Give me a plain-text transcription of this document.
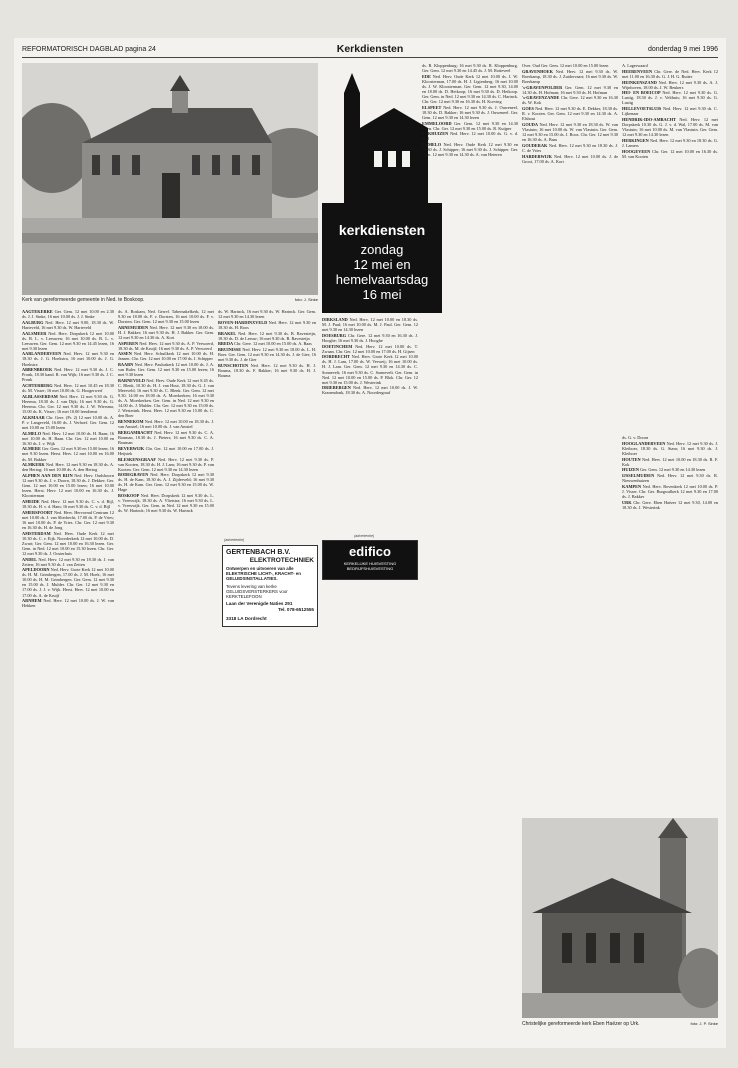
REFORMATORISCH DAGBLAD pagina 24	Kerkdiensten	donderdag 9 mei 1996
Kerk van gereformeerde gemeente in Ned. te Boskoop.	foto: J. Sinke
kerkdiensten
zondag
12 mei en
hemelvaartsdag
16 mei

AAGTEKERKE Ger. Gem. 12 mei 10.00 en 2.30 ds. J. J. Sinke, 16 mei 10.00 ds. J. J. Sinke

AALBURG Ned. Herv. 12 mei 9.00, 18.30 ds. W. Harteveld, 16 mei 9.30 ds. W. Harteveld

AALSMEER Ned. Herv. Dorpskerk 12 mei 10.00 ds. B. L. v. Leeuwen; 16 mei 10.00 ds. B. L. v. Leeuwen. Ger. Gem. 12 mei 9.30 en 14.45 lezen, 16 mei 9.30 lezen

AARLANDERVEEN Ned. Herv. 12 mei 9.30 en 18.30 ds. J. G. Hoekstra, 16 mei 10.00 ds. J. G. Hoekstra

ABBENBROEK Ned. Herv. 12 mei 9.30 ds. J. C. Pronk, 18.30 kand. R. van Wijk; 16 mei 9.30 ds. J. C. Pronk

ACHTERBERG Ned. Herv. 12 mei 10.45 en 18.30 ds. M. Visser; 16 mei 10.00 ds. G. Hoogerwerf

ALBLASSERDAM Ned. Herv. 12 mei 9.30 ds. G. Heerma, 18.30 ds. J. van Dijk; 16 mei 9.30 ds. G. Heerma. Chr. Ger. 12 mei 9.30 ds. J. W. Wiersma, 15.00 ds. K. Visser; 16 mei 10.00 leesdienst

ALKMAAR Chr. Gere. (Pr. 2) 12 mei 10.00 ds. A. P. v. Langeveld, 16.00 ds. J. Verhoef. Ger. Gem. 12 mei 10.00 en 15.00 lezen

ALMELO Ned. Herv. 12 mei 10.00 ds. H. Baan; 16 mei 10.00 ds. H. Baan. Chr. Ger. 12 mei 10.00 en 16.30 ds. J. v. Wijk

ALMERE Ger. Gem. 12 mei 9.30 en 15.00 lezen; 16 mei 9.30 lezen. Herst. Herv. 12 mei 10.00 en 16.00 ds. M. Bakker

ALMKERK Ned. Herv. 12 mei 9.30 en 18.30 ds. A. den Hertog; 16 mei 10.00 ds. A. den Hertog

ALPHEN AAN DEN RIJN Ned. Herv. Oudshoorn 12 mei 9.30 ds. J. v. Doorn, 18.30 ds. J. Dekker; Ger. Gem. 12 mei 10.00 en 15.00 lezen; 16 mei 10.00 lezen. Herst. Herv. 12 mei 10.00 en 16.30 ds. J. Kloosterman

AMEIDE Ned. Herv. 12 mei 9.30 ds. C. v. d. Bijl, 18.30 ds. H. v. d. Ham; 16 mei 9.30 ds. C. v. d. Bijl

AMERSFOORT Ned. Herv. Hervormd Centrum 12 mei 10.00 ds. J. van Sliedrecht, 17.00 ds. P. de Vries; 16 mei 10.00 ds. P. de Vries. Chr. Ger. 12 mei 9.30 en 16.30 ds. H. de Jong

AMSTERDAM Ned. Herv. Oude Kerk 12 mei 10.30 ds. C. v. Eijk. Noorderkerk 12 mei 10.00 ds. D. Zwart; Ger. Gem. 12 mei 10.00 en 16.30 lezen. Ger. Gem. in Ned. 12 mei 10.00 en 15.30 lezen. Chr. Ger. 12 mei 9.30 ds. J. Oosterhuis

ANDEL Ned. Herv. 12 mei 9.30 en 18.30 ds. J. van Zetten; 16 mei 9.30 ds. J. van Zetten

APELDOORN Ned. Herv. Grote Kerk 12 mei 10.00 ds. H. M. Grimbergen, 17.00 ds. J. M. Hoek; 16 mei 10.00 ds. H. M. Grimbergen. Ger. Gem. 12 mei 9.30 en 15.00 ds. J. Mulder. Chr. Ger. 12 mei 9.30 en 17.00 ds. J. J. v. Wijk. Herst. Herv. 12 mei 10.00 en 17.00 ds. A. de Kruijf

ARNHEM Ned. Herv. 12 mei 10.00 ds. J. W. van Hekken

ds. A. Roskam, Ned. Gerref. Tabernakelkerk, 12 mei 9.30 en 18.00 ds. F. v. Dorsten, 16 mei 10.00 ds. F. v. Dorsten. Ger. Gem. 12 mei 9.30 en 15.00 lezen

ARNEMUIDEN Ned. Herv. 12 mei 9.30 en 18.00 ds. H. J. Bakker; 16 mei 9.30 ds. H. J. Bakker. Ger. Gem. 12 mei 9.30 en 14.30 ds. A. Kort

ASPEREN Ned. Herv. 12 mei 9.30 ds. A. P. Verwoerd, 18.30 ds. M. de Kruijf; 16 mei 9.30 ds. A. P. Verwoerd

ASSEN Ned. Herv. Schuilkerk 12 mei 10.00 ds. H. Jansen. Chr. Ger. 12 mei 10.00 en 17.00 ds. J. Schipper

BAARN Ned. Herv. Pauluskerk 12 mei 10.00 ds. J. A. van Ruler. Ger. Gem. 12 mei 9.30 en 15.00 lezen; 16 mei 9.30 lezen

BARNEVELD Ned. Herv. Oude Kerk 12 mei 8.45 ds. C. Blenk, 10.30 ds. H. J. van Hout, 18.30 ds. G. J. van Meerveld; 16 mei 9.30 ds. C. Blenk. Ger. Gem. 12 mei 9.30, 14.00 en 18.00 ds. A. Moerkerken; 16 mei 9.30 ds. A. Moerkerken. Ger. Gem. in Ned. 12 mei 9.30 en 14.00 ds. J. Mulder. Chr. Ger. 12 mei 9.30 en 15.00 ds. J. Westerink. Herst. Herv. 12 mei 9.30 en 15.00 ds. C. den Boer

BENNEKOM Ned. Herv. 12 mei 10.00 en 18.30 ds. J. van Amstel; 16 mei 10.00 ds. J. van Amstel

BERGAMBACHT Ned. Herv. 12 mei 9.30 ds. C. A. Bouman, 18.30 ds. J. Pieters; 16 mei 9.30 ds. C. A. Bouman

BEVERWIJK Chr. Ger. 12 mei 10.00 en 17.00 ds. J. Heijstek

BLESKENSGRAAF Ned. Herv. 12 mei 9.30 ds. P. van Kooten, 18.30 ds. H. J. Lam; 16 mei 9.30 ds. P. van Kooten. Ger. Gem. 12 mei 9.30 en 14.30 lezen

BODEGRAVEN Ned. Herv. Dorpskerk 12 mei 9.30 ds. H. de Kam, 18.30 ds. A. J. Zijderveld; 16 mei 9.30 ds. H. de Kam. Ger. Gem. 12 mei 9.30 en 15.00 ds. W. Hage

BOSKOOP Ned. Herv. Dorpskerk 12 mei 9.30 ds. L. v. Vreeswijk, 18.30 ds. A. Vlietstra; 16 mei 9.30 ds. L. v. Vreeswijk. Ger. Gem. in Ned. 12 mei 9.30 en 15.00 ds. W. Harinck; 16 mei 9.30 ds. W. Harinck

ds. W. Harinck, 16 mei 9.30 ds. W. Harinck. Ger. Gem. 12 mei 9.30 en 14.30 lezen

BOVEN-HARDINXVELD Ned. Herv. 12 mei 9.30 en 18.30 ds. H. Roos

BRAKEL Ned. Herv. 12 mei 9.30 ds. B. Ravesteijn, 18.30 ds. D. de Leeuw; 16 mei 9.30 ds. B. Ravesteijn

BREDA Chr. Gere. 12 mei 10.00 en 15.00 ds. A. Baas

BRUINISSE Ned. Herv. 12 mei 9.30 en 18.00 ds. L. H. Boer. Ger. Gem. 12 mei 9.30 en 14.30 ds. J. de Gier; 16 mei 9.30 ds. J. de Gier

BUNSCHOTEN Ned. Herv. 12 mei 9.30 ds. H. J. Bouma, 18.30 ds. F. Bakker; 16 mei 9.30 ds. H. J. Bouma

(advertentie)
GERTENBACH B.V.
ELEKTROTECHNIEK
Ontwerpen en uitvoeren van alle ELEKTRISCHE LICHT-, KRACHT- en GELUIDSINSTALLATIES.
Tevens levering van kerke GELUIDSVERSTERKERS voor KERKTELEFOON
Laan der Verenigde Naties 291
3318 LA Dordrecht
Tel. 078-6512555

DIRKSLAND Ned. Herv. 12 mei 10.00 en 18.30 ds. M. J. Paul; 16 mei 10.00 ds. M. J. Paul. Ger. Gem. 12 mei 9.30 en 14.30 lezen

DOESBURG Chr. Gere. 12 mei 9.30 en 16.30 ds. J. Hooghe; 16 mei 9.30 ds. J. Hooghe

DOETINCHEM Ned. Herv. 12 mei 10.00 ds. T. Zwaan. Chr. Ger. 12 mei 10.00 en 17.00 ds. H. Gijsen

DORDRECHT Ned. Herv. Grote Kerk 12 mei 10.00 ds. H. J. Lam, 17.00 ds. W. Verweij; 16 mei 10.00 ds. H. J. Lam. Ger. Gem. 12 mei 9.30 en 14.30 ds. C. Sonnevelt; 16 mei 9.30 ds. C. Sonnevelt. Ger. Gem. in Ned. 12 mei 10.00 en 15.00 ds. P. Blok. Chr. Ger. 12 mei 9.30 en 15.00 ds. J. Westerink

DRIEBERGEN Ned. Herv. 12 mei 10.00 ds. J. W. Kranendonk, 18.30 ds. A. Noordergraaf

(advertentie)
edifico
KERKELIJKE HUISVESTING
BEDRIJFSHUISVESTING

ds. R. Kloppenburg; 16 mei 9.30 ds. R. Kloppenburg. Ger. Gem. 12 mei 9.30 en 14.45 ds. J. M. Rotteveel

EDE Ned. Herv. Oude Kerk 12 mei 10.00 ds. J. W. Kloosterman, 17.00 ds. H. J. Ligtenberg; 16 mei 10.00 ds. J. W. Kloosterman. Ger. Gem. 12 mei 9.30, 14.00 en 18.00 ds. D. Heikoop; 16 mei 9.30 ds. D. Heikoop. Ger. Gem. in Ned. 12 mei 9.30 en 14.30 ds. C. Harinck. Chr. Ger. 12 mei 9.30 en 16.30 ds. H. Korving

ELSPEET Ned. Herv. 12 mei 9.30 ds. J. Ouweneel, 18.30 ds. D. Bakker; 16 mei 9.30 ds. J. Ouweneel. Ger. Gem. 12 mei 9.30 en 14.30 lezen

EMMELOORD Ger. Gem. 12 mei 9.30 en 14.30 lezen. Chr. Ger. 12 mei 9.30 en 15.00 ds. R. Kuijper

ENKHUIZEN Ned. Herv. 12 mei 10.00 ds. G. v. d. Wal

ERMELO Ned. Herv. Oude Kerk 12 mei 9.30 en 18.30 ds. J. Schipper; 16 mei 9.30 ds. J. Schipper. Ger. Gem. 12 mei 9.30 en 14.30 ds. A. van Heteren

Over. Oud Ger. Gem. 12 mei 10.00 en 15.00 lezen

GRAVENHOEK Ned. Herv. 12 mei 9.30 ds. W. Boerkamp, 18.30 ds. J. Zuidervaart; 16 mei 9.30 ds. W. Boerkamp

's-GRAVENPOLDER Ger. Gem. 12 mei 9.30 en 14.30 ds. H. Hofman; 16 mei 9.30 ds. H. Hofman

's-GRAVENZANDE Chr. Gere. 12 mei 9.30 en 16.30 ds. W. Kok

GOES Ned. Herv. 12 mei 9.30 ds. E. Dekker, 18.30 ds. R. v. Kooten. Ger. Gem. 12 mei 9.30 en 14.30 ds. A. Elshout

GOUDA Ned. Herv. 12 mei 9.30 en 18.30 ds. W. van Vlastuin; 16 mei 10.00 ds. W. van Vlastuin. Ger. Gem. 12 mei 9.30 en 15.00 ds. J. Roos. Chr. Ger. 12 mei 9.30 en 16.30 ds. A. Baas

GOUDERAK Ned. Herv. 12 mei 9.30 en 18.30 ds. J. C. de Vries

HARDERWIJK Ned. Herv. 12 mei 10.00 ds. J. de Groot, 17.00 ds. A. Kort

A. Lagerwaard

HEERENVEEN Chr. Gere. de Ned. Herv. Kerk 12 mei 11.00 en 16.30 ds. G. J. H. G. Ruiter

HEINKENSZAND Ned. Herv. 12 mei 9.30 ds. A. J. Wijnhoven, 18.00 ds. J. W. Beukers

HEI- EN BOEICOP Ned. Herv. 12 mei 9.30 ds. G. Lustig, 18.30 ds. J. v. Velthuis; 16 mei 9.30 ds. G. Lustig

HELLEVOETSLUIS Ned. Herv. 12 mei 9.30 ds. C. Lijkenaar

HENDRIK-IDO-AMBACHT Ned. Herv. 12 mei Dorpskerk 10.30 ds. G. J. v. d. Wal, 17.00 ds. M. van Vlastuin; 16 mei 10.00 ds. M. van Vlastuin. Ger. Gem. 12 mei 9.30 en 14.30 lezen

HERKINGEN Ned. Herv. 12 mei 9.30 en 18.30 ds. G. J. Lamers

HOOGEVEEN Chr. Ger. 12 mei 10.00 en 16.30 ds. M. van Kooten

ds. G. v. Doorn

HOOGLANDERVEEN Ned. Herv. 12 mei 9.30 ds. J. Kleiboer, 18.30 ds. G. Stam; 16 mei 9.30 ds. J. Kleiboer

HOUTEN Ned. Herv. 12 mei 10.00 en 18.30 ds. R. F. Kok

HUIZEN Ger. Gem. 12 mei 9.30 en 14.30 lezen

IJSSELMUIDEN Ned. Herv. 12 mei 9.30 ds. R. Nieuwenhuizen

KAMPEN Ned. Herv. Bovenkerk 12 mei 10.00 ds. P. J. Visser. Chr. Ger. Burgwalkerk 12 mei 9.30 en 17.00 ds. J. Bakker

URK Chr. Gere. Eben Haëzer 12 mei 9.30, 14.00 en 18.30 ds. J. Westerink

Christelijke gereformeerde kerk Eben Haëzer op Urk.	foto: J. P. Sinke
